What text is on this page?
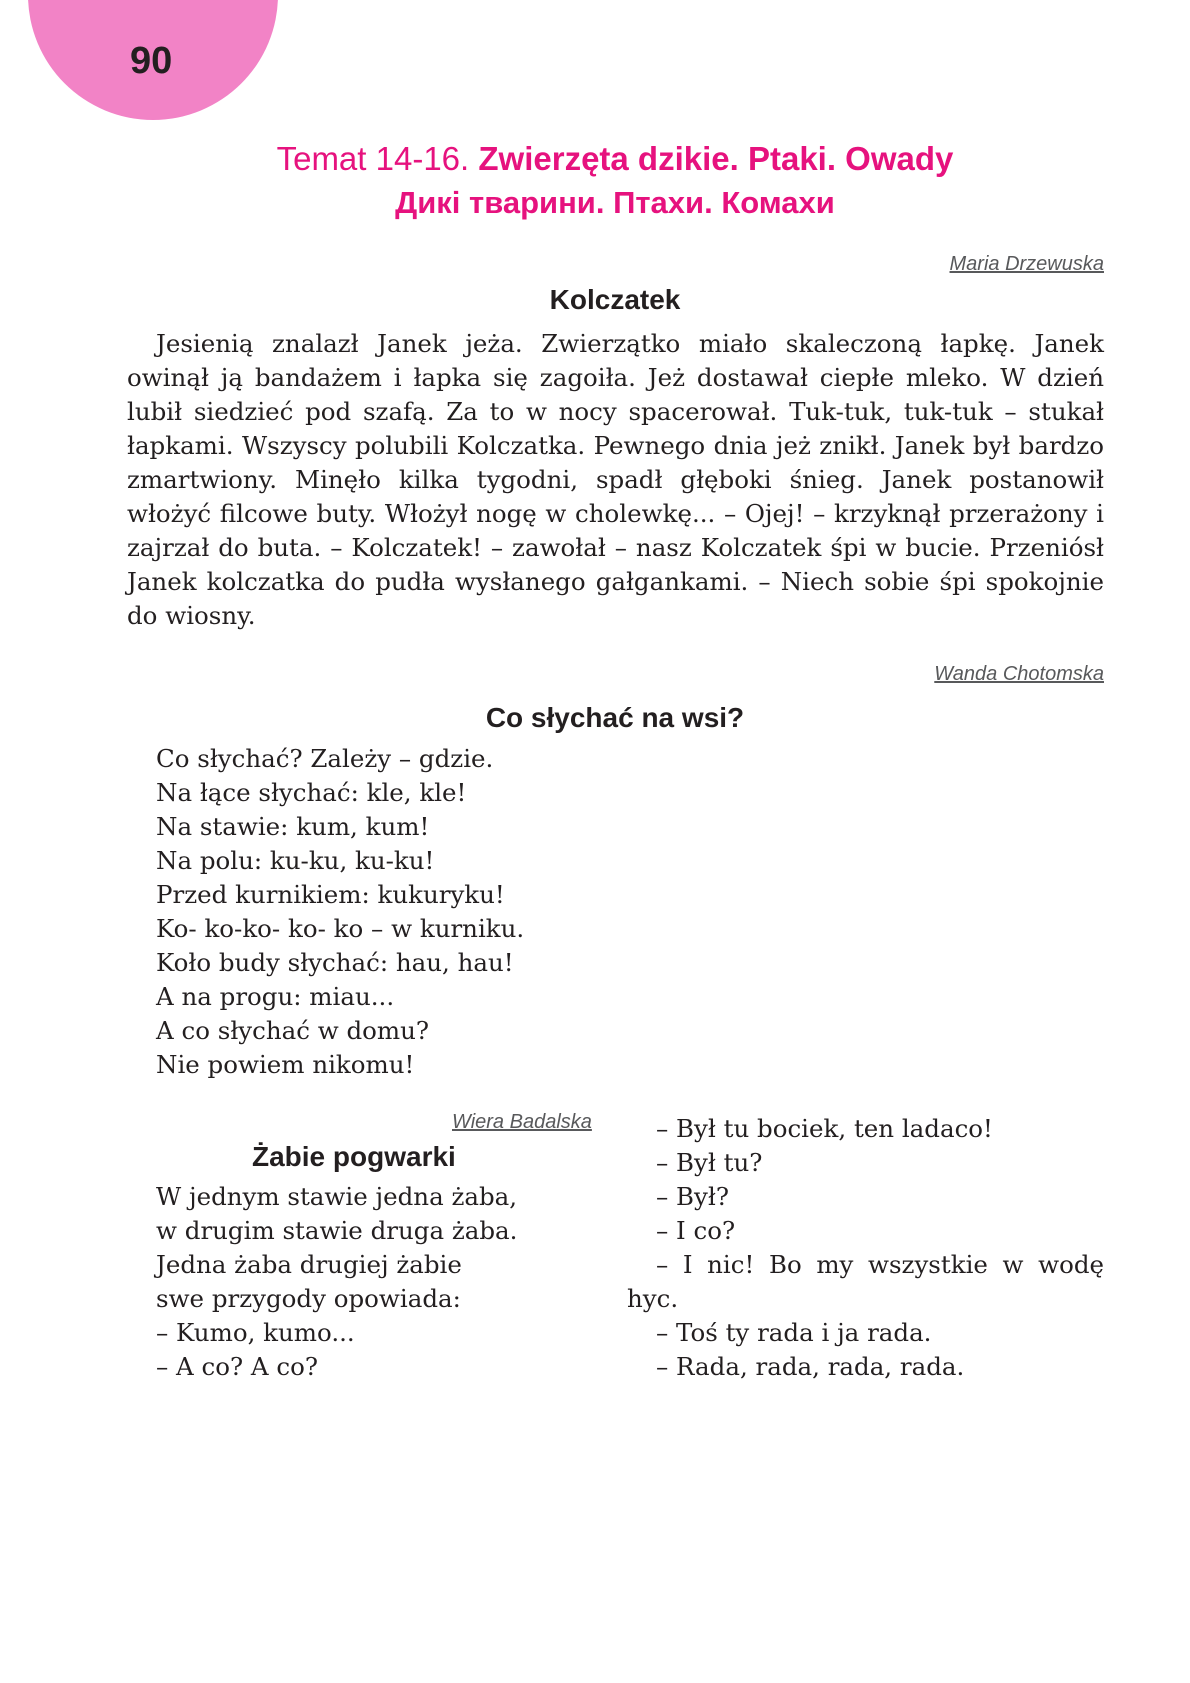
90
Temat 14-16. Zwierzęta dzikie. Ptaki. Owady
Дикі тварини. Птахи. Комахи
Maria Drzewuska
Kolczatek

Jesienią znalazł Janek jeża. Zwierzątko miało skaleczoną łapkę. Janek owinął ją bandażem i łapka się zagoiła. Jeż dostawał ciepłe mleko. W dzień lubił siedzieć pod szafą. Za to w nocy spacerował. Tuk-tuk, tuk-tuk – stukał łapkami. Wszyscy polubili Kolczatka. Pewnego dnia jeż znikł. Janek był bardzo zmartwiony. Minęło kilka tygodni, spadł głęboki śnieg. Janek postanowił włożyć filcowe buty. Włożył nogę w cholewkę... – Ojej! – krzyknął przerażony i zajrzał do buta. – Kolczatek! – zawołał – nasz Kolczatek śpi w bucie. Przeniósł Janek kolczatka do pudła wysłanego gałgankami. – Niech sobie śpi spokojnie do wiosny.

Wanda Chotomska
Co słychać na wsi?
Co słychać? Zależy – gdzie.
Na łące słychać: kle, kle!
Na stawie: kum, kum!
Na polu: ku-ku, ku-ku!
Przed kurnikiem: kukuryku!
Ko- ko-ko- ko- ko – w kurniku.
Koło budy słychać: hau, hau!
A na progu: miau...
A co słychać w domu?
Nie powiem nikomu!
Wiera Badalska
Żabie pogwarki
W jednym stawie jedna żaba,
w drugim stawie druga żaba.
Jedna żaba drugiej żabie
swe przygody opowiada:
– Kumo, kumo...
– A co? A co?
– Był tu bociek, ten ladaco!
– Był tu?
– Był?
– I co?
– I nic! Bo my wszystkie w wodę hyc.
– Toś ty rada i ja rada.
– Rada, rada, rada, rada.
